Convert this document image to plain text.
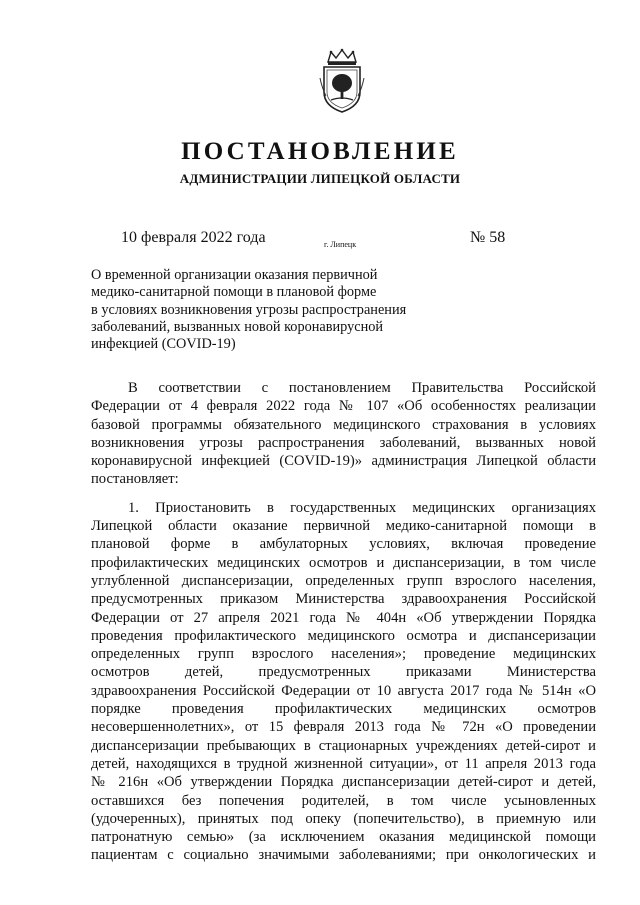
ПОСТАНОВЛЕНИЕ
АДМИНИСТРАЦИИ ЛИПЕЦКОЙ ОБЛАСТИ
10 февраля 2022 года	г. Липецк	№ 58
О временной организации оказания первичной
медико-санитарной помощи в плановой форме
в условиях возникновения угрозы распространения
заболеваний, вызванных новой коронавирусной
инфекцией (COVID-19)
В соответствии с постановлением Правительства Российской
Федерации от 4 февраля 2022 года № 107 «Об особенностях реализации
базовой программы обязательного медицинского страхования в условиях
возникновения угрозы распространения заболеваний, вызванных новой
коронавирусной инфекцией (COVID-19)» администрация Липецкой области
постановляет:
1. Приостановить в государственных медицинских организациях
Липецкой области оказание первичной медико-санитарной помощи в
плановой форме в амбулаторных условиях, включая проведение
профилактических медицинских осмотров и диспансеризации, в том числе
углубленной диспансеризации, определенных групп взрослого населения,
предусмотренных приказом Министерства здравоохранения Российской
Федерации от 27 апреля 2021 года № 404н «Об утверждении Порядка
проведения профилактического медицинского осмотра и диспансеризации
определенных групп взрослого населения»; проведение медицинских
осмотров детей, предусмотренных приказами Министерства
здравоохранения Российской Федерации от 10 августа 2017 года № 514н «О
порядке проведения профилактических медицинских осмотров
несовершеннолетних», от 15 февраля 2013 года № 72н «О проведении
диспансеризации пребывающих в стационарных учреждениях детей-сирот и
детей, находящихся в трудной жизненной ситуации», от 11 апреля 2013 года
№ 216н «Об утверждении Порядка диспансеризации детей-сирот и детей,
оставшихся без попечения родителей, в том числе усыновленных
(удочеренных), принятых под опеку (попечительство), в приемную или
патронатную семью» (за исключением оказания медицинской помощи
пациентам с социально значимыми заболеваниями; при онкологических и
